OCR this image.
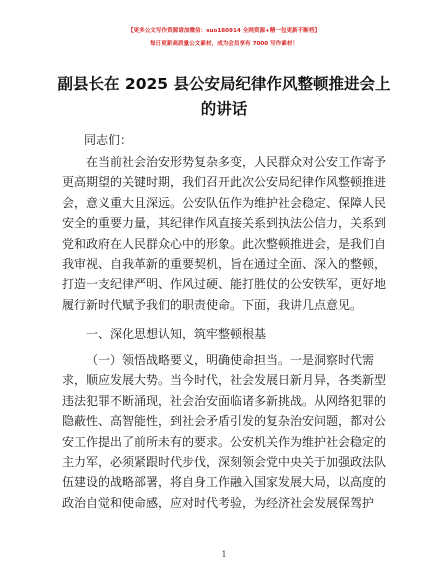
【更多公文写作资源请加微信：suo180914 全网资源+精一包更新不断档】
每日更新高质量公文素材，成为会员享有 7000 写作素材！
副县长在 2025 县公安局纪律作风整顿推进会上
的讲话
同志们：
在当前社会治安形势复杂多变，人民群众对公安工作寄予
更高期望的关键时期，我们召开此次公安局纪律作风整顿推进
会，意义重大且深远。公安队伍作为维护社会稳定、保障人民
安全的重要力量，其纪律作风直接关系到执法公信力，关系到
党和政府在人民群众心中的形象。此次整顿推进会，是我们自
我审视、自我革新的重要契机，旨在通过全面、深入的整顿，
打造一支纪律严明、作风过硬、能打胜仗的公安铁军，更好地
履行新时代赋予我们的职责使命。下面，我讲几点意见。
一、深化思想认知，筑牢整顿根基
（一）领悟战略要义，明确使命担当。一是洞察时代需
求，顺应发展大势。当今时代，社会发展日新月异，各类新型
违法犯罪不断涌现，社会治安面临诸多新挑战。从网络犯罪的
隐蔽性、高智能性，到社会矛盾引发的复杂治安问题，都对公
安工作提出了前所未有的要求。公安机关作为维护社会稳定的
主力军，必须紧跟时代步伐，深刻领会党中央关于加强政法队
伍建设的战略部署，将自身工作融入国家发展大局，以高度的
政治自觉和使命感，应对时代考验，为经济社会发展保驾护
1
